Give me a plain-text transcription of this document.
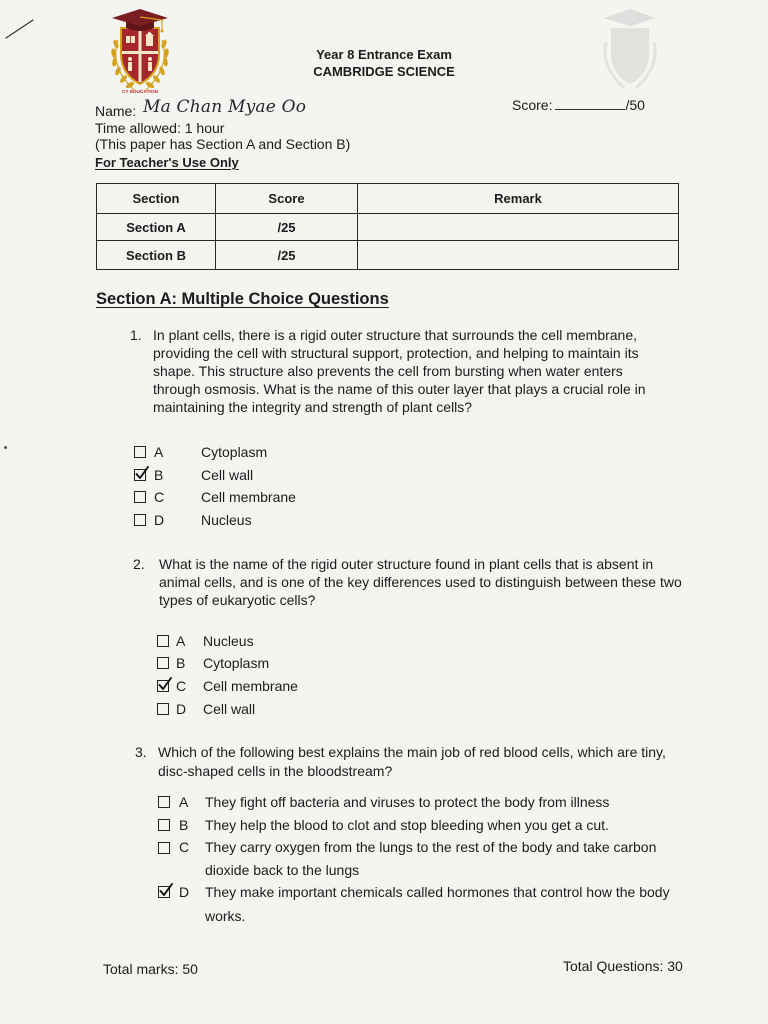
CY EDUCATION
Year 8 Entrance Exam
CAMBRIDGE SCIENCE
Name: Ma Chan Myae Oo	Score:	/50
Time allowed: 1 hour
(This paper has Section A and Section B)
For Teacher's Use Only
Section	Score	Remark
Section A	/25	
Section B	/25	
Section A: Multiple Choice Questions
1. In plant cells, there is a rigid outer structure that surrounds the cell membrane,
providing the cell with structural support, protection, and helping to maintain its
shape. This structure also prevents the cell from bursting when water enters
through osmosis. What is the name of this outer layer that plays a crucial role in
maintaining the integrity and strength of plant cells?
A	Cytoplasm
B	Cell wall
C	Cell membrane
D	Nucleus
2. What is the name of the rigid outer structure found in plant cells that is absent in
animal cells, and is one of the key differences used to distinguish between these two
types of eukaryotic cells?
A Nucleus
B Cytoplasm
C Cell membrane
D Cell wall
3. Which of the following best explains the main job of red blood cells, which are tiny,
disc-shaped cells in the bloodstream?
A They fight off bacteria and viruses to protect the body from illness
B They help the blood to clot and stop bleeding when you get a cut.
C They carry oxygen from the lungs to the rest of the body and take carbon
dioxide back to the lungs
D They make important chemicals called hormones that control how the body
works.
Total marks: 50	Total Questions: 30
